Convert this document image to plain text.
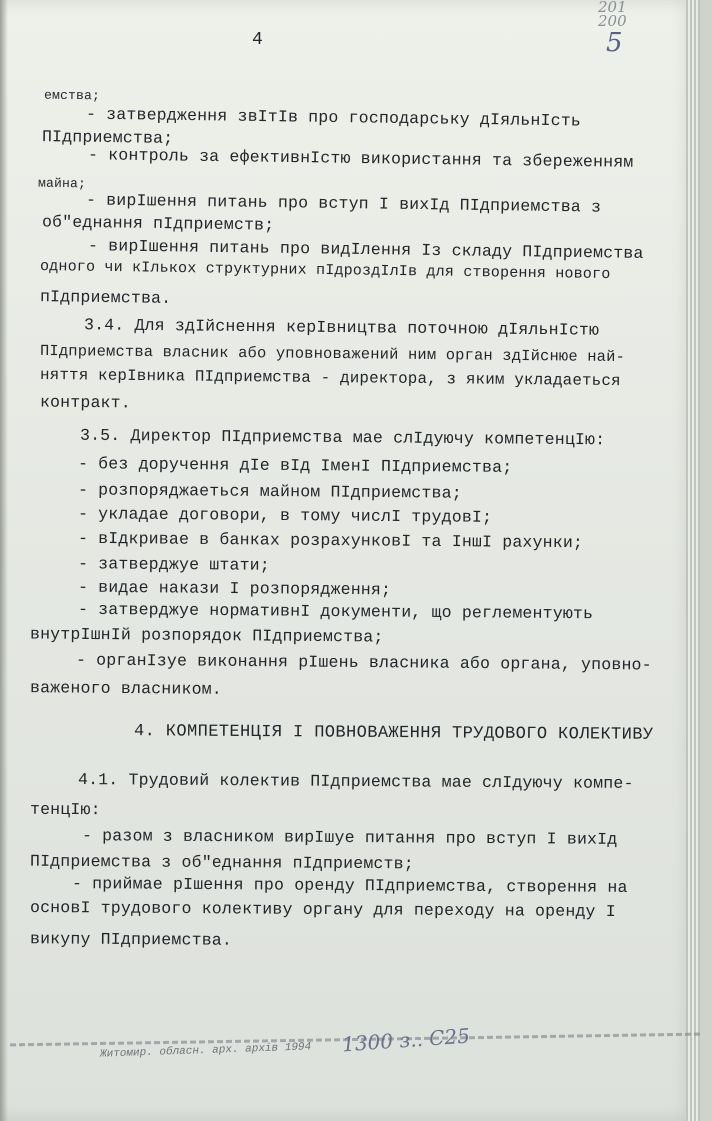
4
201
200
5
емства;
- затвердження звІтІв про господарську дІяльнІсть
ПІдприемства;
- контроль за ефективнІстю використання та збереженням
майна;
- вирІшення питань про вступ І вихІд ПІдприемства з
об"еднання пІдприемств;
- вирІшення питань про видІлення Із складу ПІдприемства
одного чи кІлькох структурних пІдроздІлІв для створення нового
пІдприемства.
3.4. Для здІйснення керІвництва поточною дІяльнІстю
ПІдприемства власник або уповноважений ним орган здІйснюе най-
няття керІвника ПІдприемства - директора, з яким укладаеться
контракт.
3.5. Директор ПІдприемства мае слІдуючу компетенцІю:
- без доручення дІе вІд ІменІ ПІдприемства;
- розпоряджаеться майном ПІдприемства;
- укладае договори, в тому числІ трудовІ;
- вІдкривае в банках розрахунковІ та ІншІ рахунки;
- затверджуе штати;
- видае накази І розпорядження;
- затверджуе нормативнІ документи, що реглементують
внутрІшнІй розпорядок ПІдприемства;
- органІзуе виконання рІшень власника або органа, уповно-
важеного власником.
4. КОМПЕТЕНЦІЯ І ПОВНОВАЖЕННЯ ТРУДОВОГО КОЛЕКТИВУ
4.1. Трудовий колектив ПІдприемства мае слІдуючу компе-
тенцІю:
- разом з власником вирІшуе питання про вступ І вихІд
ПІдприемства з об"еднання пІдприемств;
- приймае рІшення про оренду ПІдприемства, створення на
основІ трудового колективу органу для переходу на оренду І
викупу ПІдприемства.
Житомир. обласн. арх. архів 1994 1300 з.. С25
